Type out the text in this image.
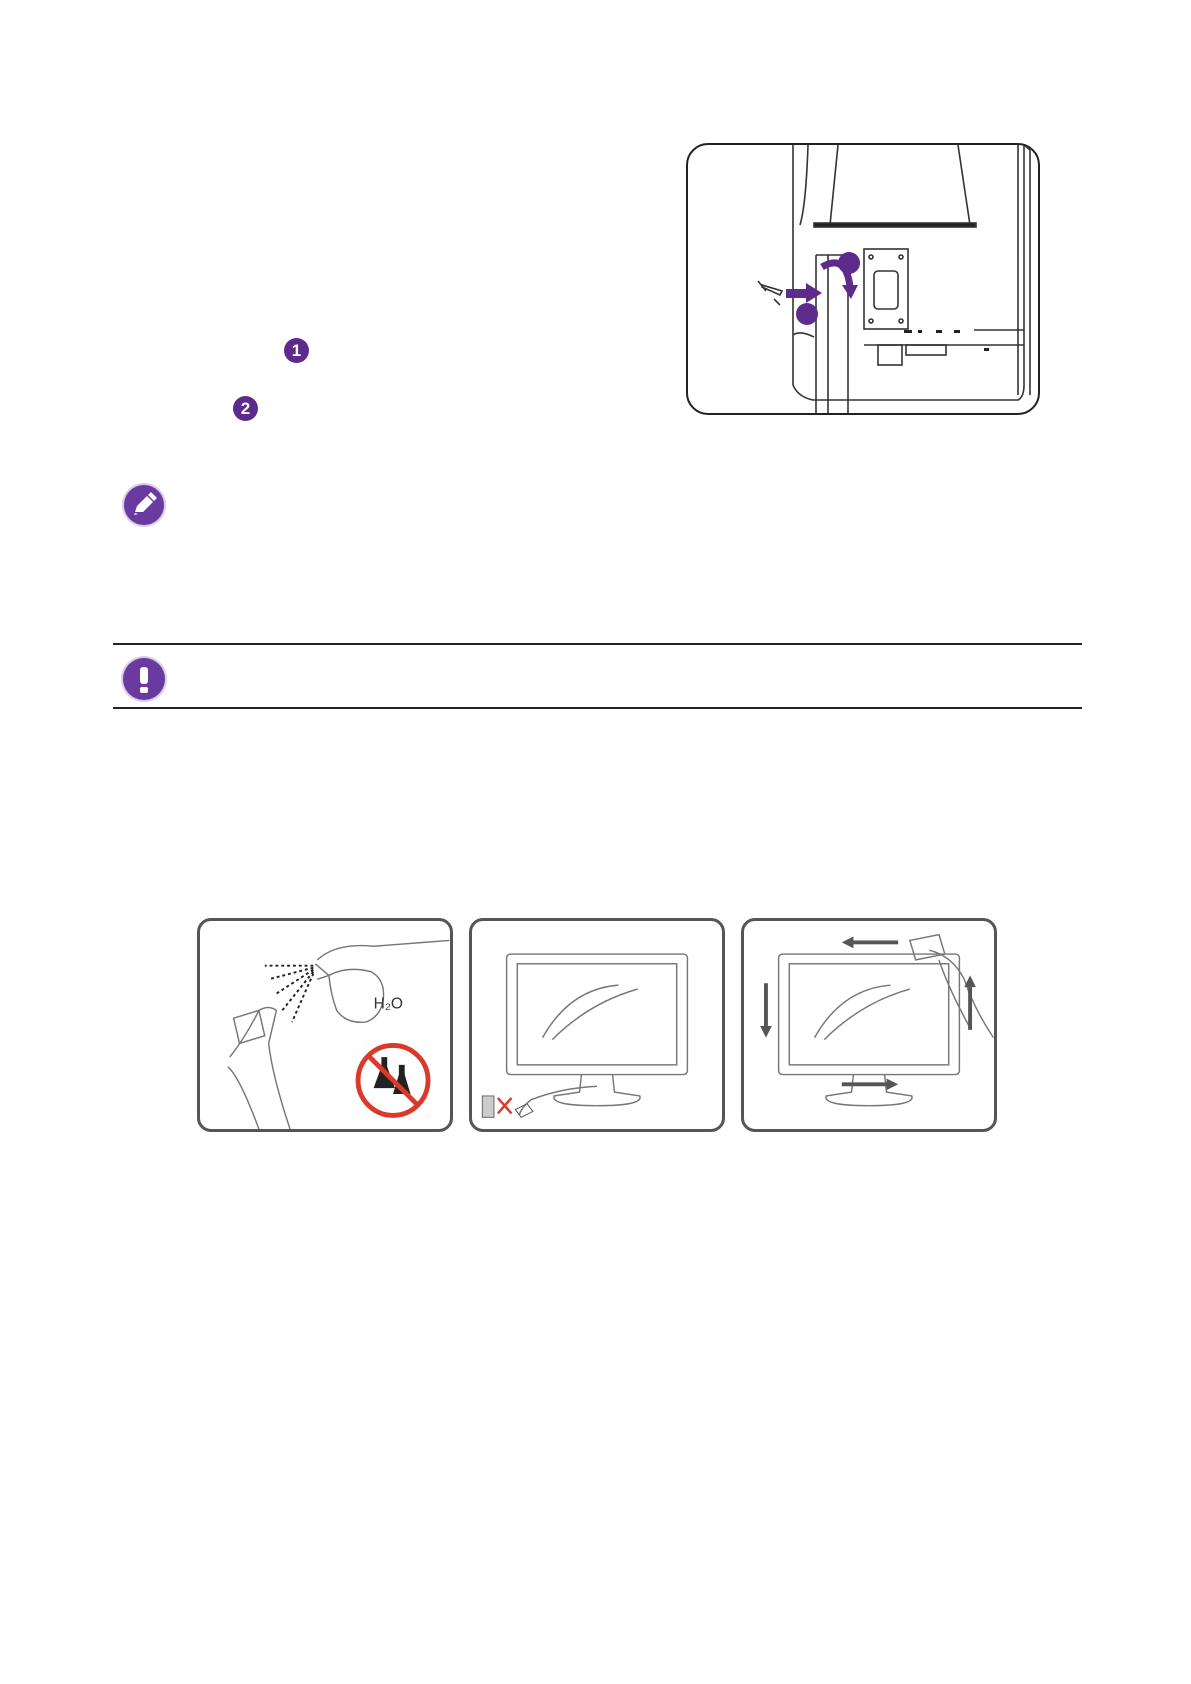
1
2
H₂O
